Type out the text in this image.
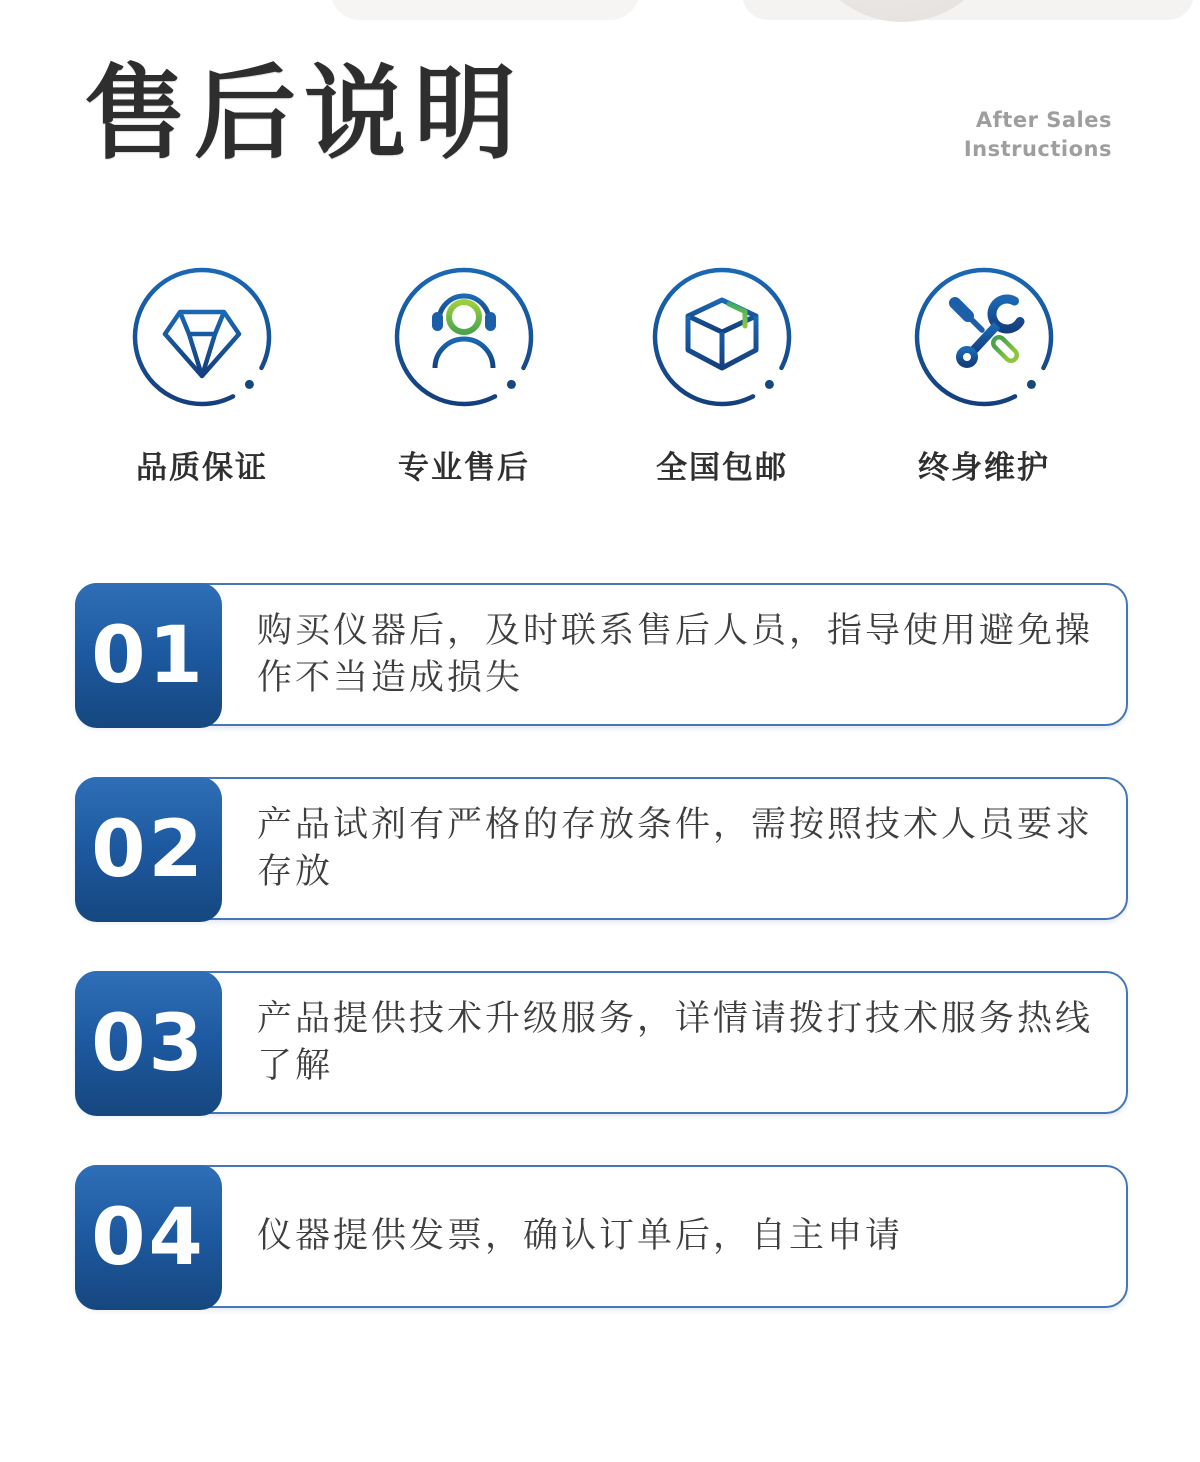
售后说明	After Sales
Instructions
品质保证	专业售后	全国包邮	终身维护
01	购买仪器后，及时联系售后人员，指导使用避免操作不当造成损失

02	产品试剂有严格的存放条件，需按照技术人员要求存放

03	产品提供技术升级服务，详情请拨打技术服务热线了解

04	仪器提供发票，确认订单后，自主申请
